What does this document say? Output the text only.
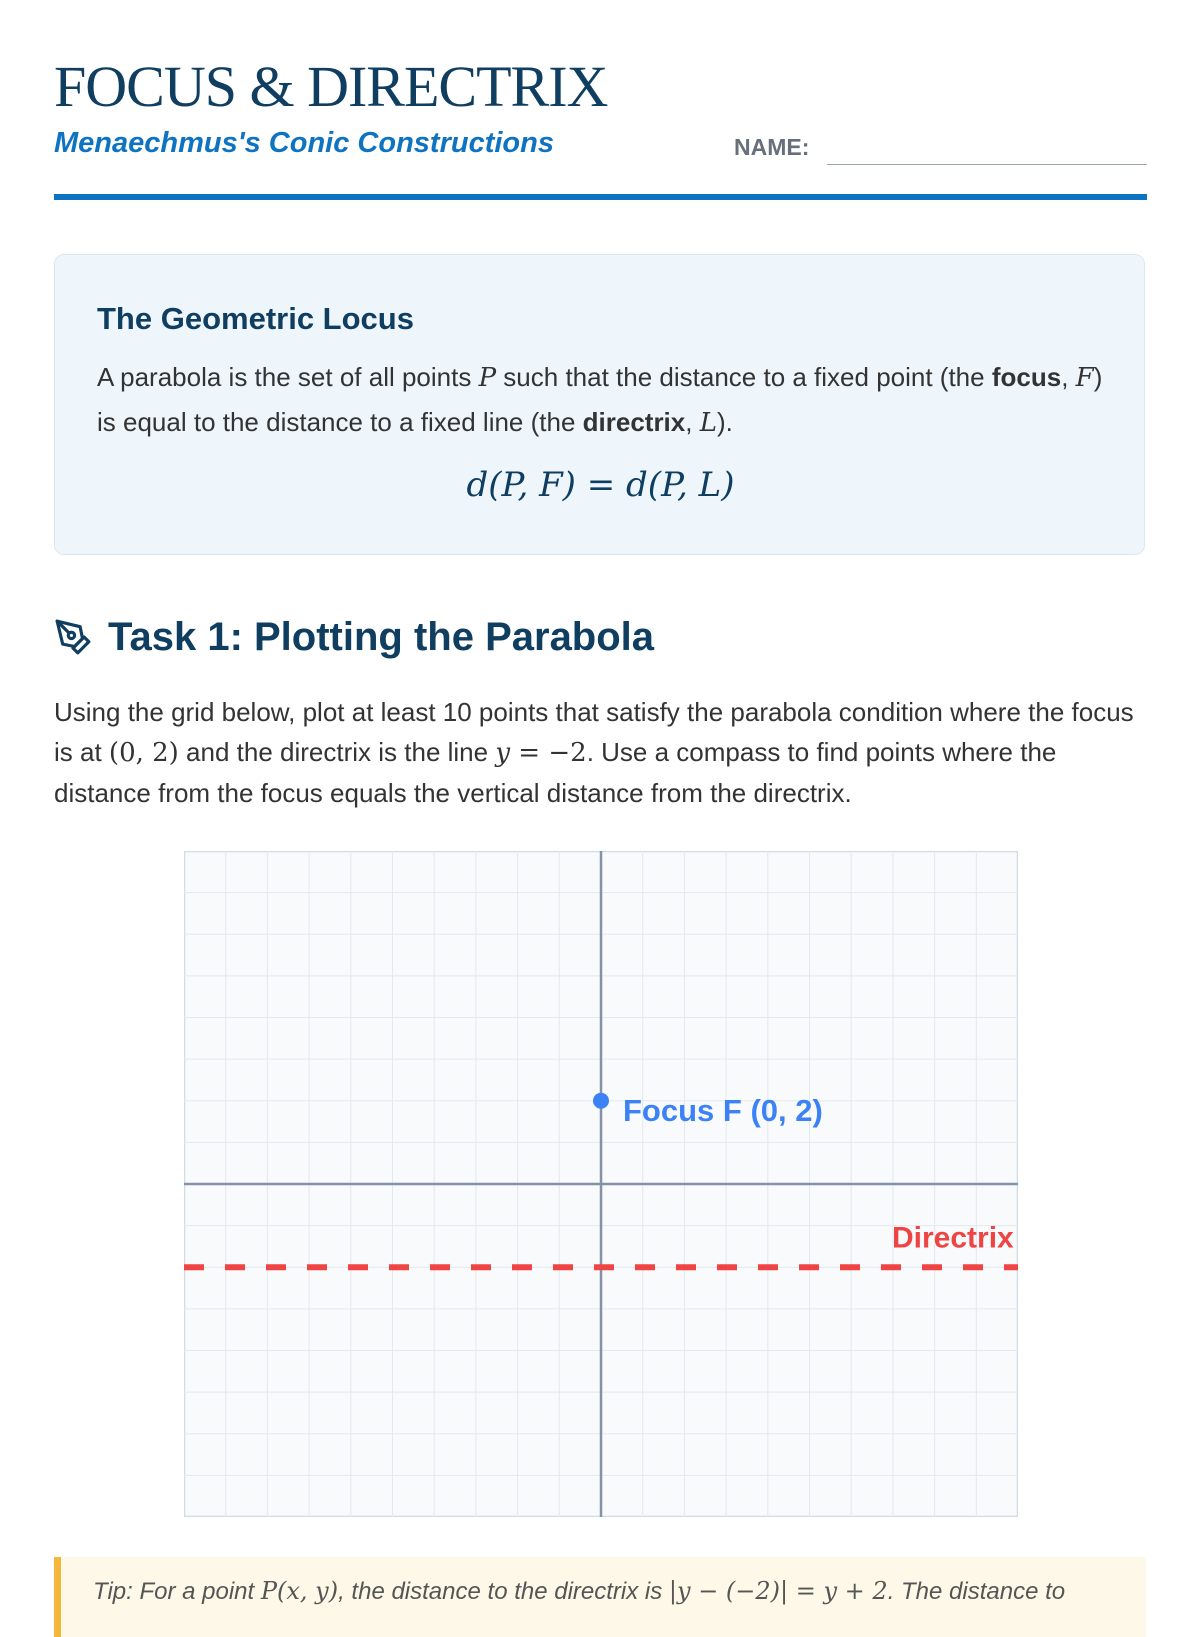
FOCUS & DIRECTRIX
Menaechmus's Conic Constructions	NAME:
The Geometric Locus
A parabola is the set of all points P such that the distance to a fixed point (the focus, F) is equal to the distance to a fixed line (the directrix, L).
d(P, F) = d(P, L)
Task 1: Plotting the Parabola
Using the grid below, plot at least 10 points that satisfy the parabola condition where the focus is at (0, 2) and the directrix is the line y = −2. Use a compass to find points where the distance from the focus equals the vertical distance from the directrix.
Focus F (0, 2)
Directrix
Tip: For a point P(x, y), the distance to the directrix is |y − (−2)| = y + 2. The distance to
